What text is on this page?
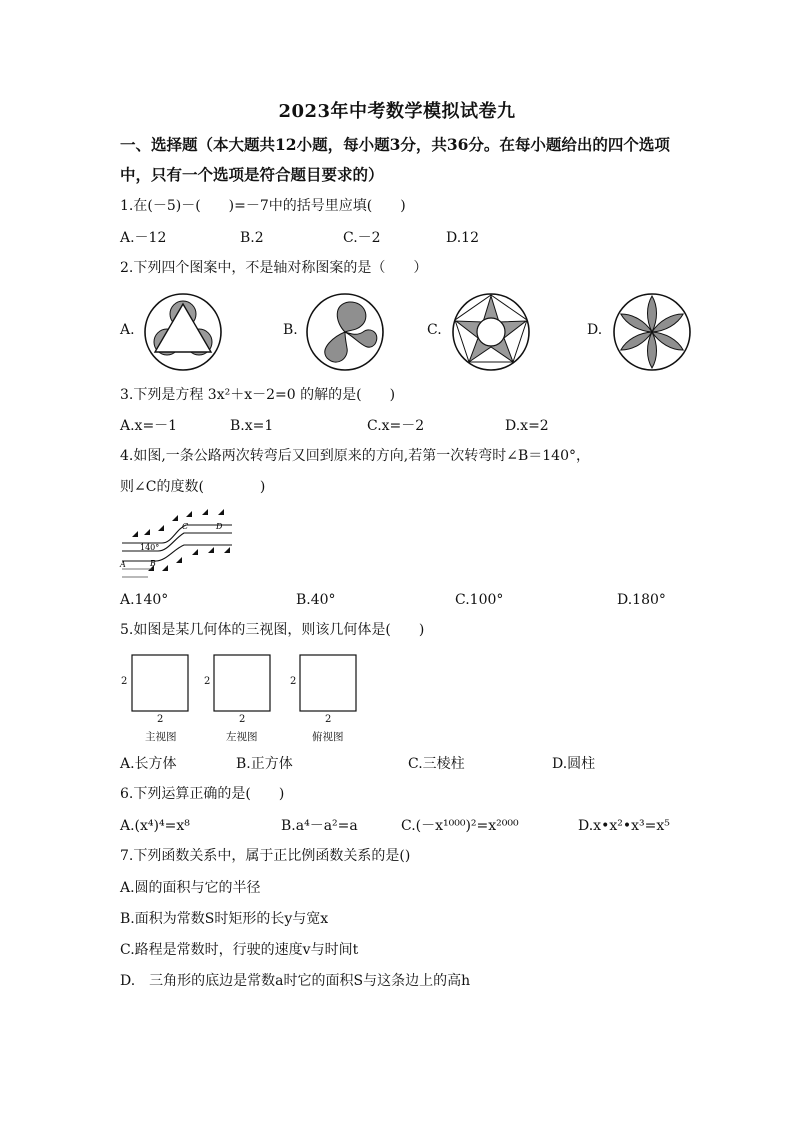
2023年中考数学模拟试卷九
一、选择题（本大题共12小题，每小题3分，共36分。在每小题给出的四个选项
中，只有一个选项是符合题目要求的）
1.在(－5)－(　　)=－7中的括号里应填(　　)
A.－12	B.2	C.－2	D.12
2.下列四个图案中，不是轴对称图案的是（　　）
A.	B.	C.	D.
3.下列是方程 3x²＋x－2=0 的解的是(　　)
A.x=－1	B.x=1	C.x=－2	D.x=2
4.如图,一条公路两次转弯后又回到原来的方向,若第一次转弯时∠B＝140°，
则∠C的度数(　　　　)
A	B
C	D
140°
A.140°	B.40°	C.100°	D.180°
5.如图是某几何体的三视图，则该几何体是(　　)
2
2
主视图
2
2
左视图
2
2
俯视图
A.长方体	B.正方体	C.三棱柱	D.圆柱
6.下列运算正确的是(　　)
A.(x⁴)⁴=x⁸	B.a⁴－a²=a	C.(－x¹⁰⁰⁰)²=x²⁰⁰⁰	D.x•x²•x³=x⁵
7.下列函数关系中，属于正比例函数关系的是()
A.圆的面积与它的半径
B.面积为常数S时矩形的长y与宽x
C.路程是常数时，行驶的速度v与时间t
D.　三角形的底边是常数a时它的面积S与这条边上的高h
